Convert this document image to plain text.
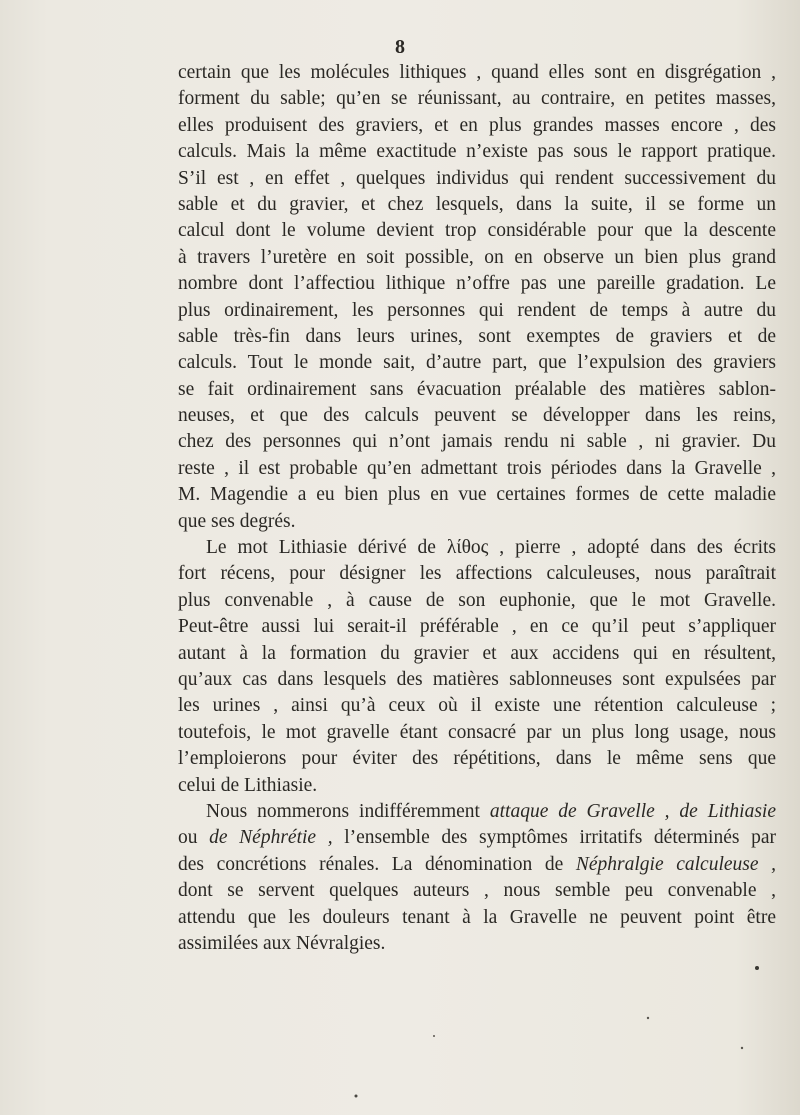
8
certain que les molécules lithiques , quand elles sont en disgrégation ,
forment du sable; qu’en se réunissant, au contraire, en petites masses,
elles produisent des graviers, et en plus grandes masses encore , des
calculs. Mais la même exactitude n’existe pas sous le rapport pratique.
S’il est , en effet , quelques individus qui rendent successivement du
sable et du gravier, et chez lesquels, dans la suite, il se forme un
calcul dont le volume devient trop considérable pour que la descente
à travers l’uretère en soit possible, on en observe un bien plus grand
nombre dont l’affectiou lithique n’offre pas une pareille gradation. Le
plus ordinairement, les personnes qui rendent de temps à autre du
sable très-fin dans leurs urines, sont exemptes de graviers et de
calculs. Tout le monde sait, d’autre part, que l’expulsion des graviers
se fait ordinairement sans évacuation préalable des matières sablon-
neuses, et que des calculs peuvent se développer dans les reins,
chez des personnes qui n’ont jamais rendu ni sable , ni gravier. Du
reste , il est probable qu’en admettant trois périodes dans la Gravelle ,
M. Magendie a eu bien plus en vue certaines formes de cette maladie
que ses degrés.
Le mot Lithiasie dérivé de λίθος , pierre , adopté dans des écrits
fort récens, pour désigner les affections calculeuses, nous paraîtrait
plus convenable , à cause de son euphonie, que le mot Gravelle.
Peut-être aussi lui serait-il préférable , en ce qu’il peut s’appliquer
autant à la formation du gravier et aux accidens qui en résultent,
qu’aux cas dans lesquels des matières sablonneuses sont expulsées par
les urines , ainsi qu’à ceux où il existe une rétention calculeuse ;
toutefois, le mot gravelle étant consacré par un plus long usage, nous
l’emploierons pour éviter des répétitions, dans le même sens que
celui de Lithiasie.
Nous nommerons indifféremment attaque de Gravelle , de Lithiasie
ou de Néphrétie , l’ensemble des symptômes irritatifs déterminés par
des concrétions rénales. La dénomination de Néphralgie calculeuse ,
dont se servent quelques auteurs , nous semble peu convenable ,
attendu que les douleurs tenant à la Gravelle ne peuvent point être
assimilées aux Névralgies.
